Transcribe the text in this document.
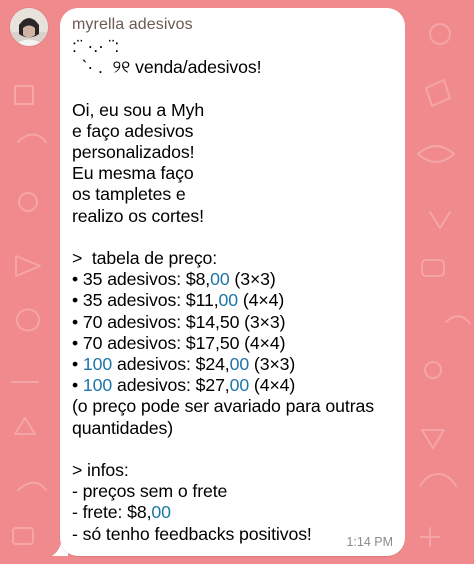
myrella adesivos
:¨ ·.· ¨:
`· .  ୨୧ venda/adesivos!
Oi, eu sou a Myh
e faço adesivos
personalizados!
Eu mesma faço
os tampletes e
realizo os cortes!
>  tabela de preço:
• 35 adesivos: $8,00 (3×3)
• 35 adesivos: $11,00 (4×4)
• 70 adesivos: $14,50 (3×3)
• 70 adesivos: $17,50 (4×4)
• 100 adesivos: $24,00 (3×3)
• 100 adesivos: $27,00 (4×4)
(o preço pode ser avariado para outras
quantidades)
> infos:
- preços sem o frete
- frete: $8,00
- só tenho feedbacks positivos!	1:14 PM
